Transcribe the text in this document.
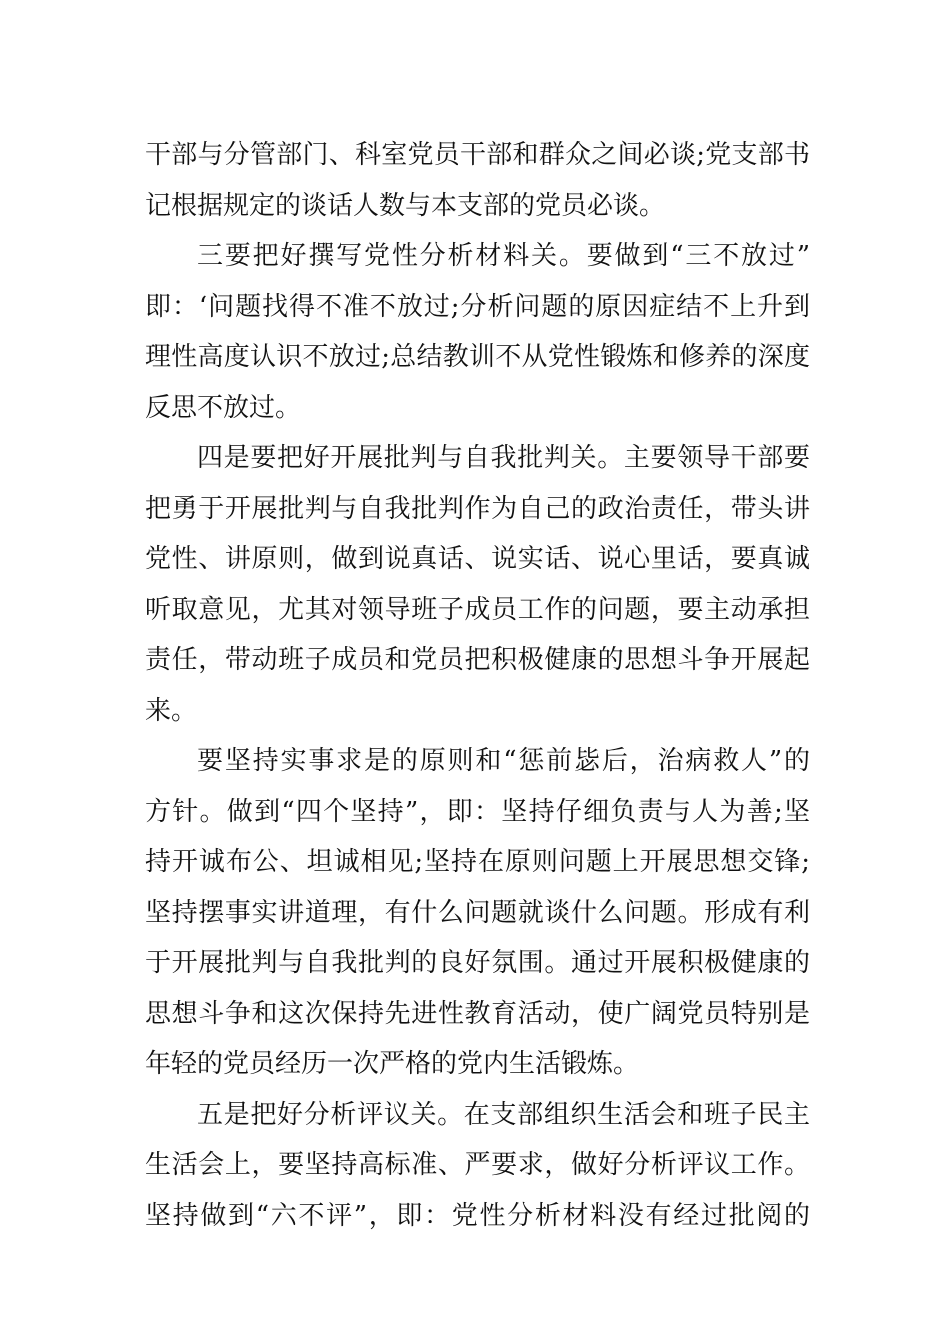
干部与分管部门、科室党员干部和群众之间必谈;党支部书
记根据规定的谈话人数与本支部的党员必谈。
三要把好撰写党性分析材料关。要做到“三不放过”
即：‘问题找得不准不放过;分析问题的原因症结不上升到
理性高度认识不放过;总结教训不从党性锻炼和修养的深度
反思不放过。
四是要把好开展批判与自我批判关。主要领导干部要
把勇于开展批判与自我批判作为自己的政治责任，带头讲
党性、讲原则，做到说真话、说实话、说心里话，要真诚
听取意见，尤其对领导班子成员工作的问题，要主动承担
责任，带动班子成员和党员把积极健康的思想斗争开展起
来。
要坚持实事求是的原则和“惩前毖后，治病救人”的
方针。做到“四个坚持”，即：坚持仔细负责与人为善;坚
持开诚布公、坦诚相见;坚持在原则问题上开展思想交锋;
坚持摆事实讲道理，有什么问题就谈什么问题。形成有利
于开展批判与自我批判的良好氛围。通过开展积极健康的
思想斗争和这次保持先进性教育活动，使广阔党员特别是
年轻的党员经历一次严格的党内生活锻炼。
五是把好分析评议关。在支部组织生活会和班子民主
生活会上，要坚持高标准、严要求，做好分析评议工作。
坚持做到“六不评”，即：党性分析材料没有经过批阅的
